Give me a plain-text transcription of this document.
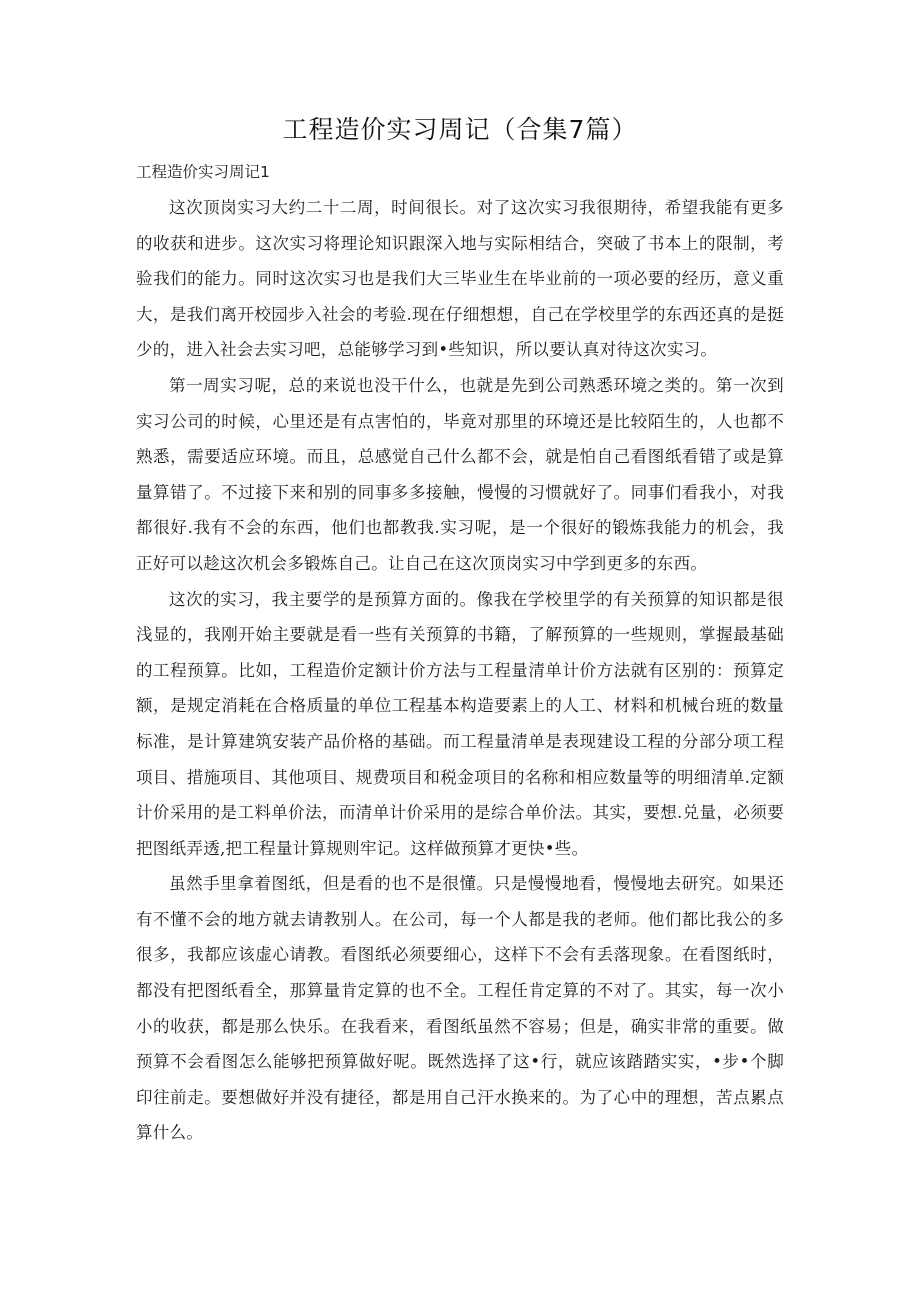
工程造价实习周记（合集7篇）
工程造价实习周记1

这次顶岗实习大约二十二周，时间很长。对了这次实习我很期待，希望我能有更多的收获和进步。这次实习将理论知识跟深入地与实际相结合，突破了书本上的限制，考验我们的能力。同时这次实习也是我们大三毕业生在毕业前的一项必要的经历，意义重大，是我们离开校园步入社会的考验.现在仔细想想，自己在学校里学的东西还真的是挺少的，进入社会去实习吧，总能够学习到•些知识，所以要认真对待这次实习。

第一周实习呢，总的来说也没干什么，也就是先到公司熟悉环境之类的。第一次到实习公司的时候，心里还是有点害怕的，毕竟对那里的环境还是比较陌生的，人也都不熟悉，需要适应环境。而且，总感觉自己什么都不会，就是怕自己看图纸看错了或是算量算错了。不过接下来和别的同事多多接触，慢慢的习惯就好了。同事们看我小，对我都很好.我有不会的东西，他们也都教我.实习呢，是一个很好的锻炼我能力的机会，我正好可以趁这次机会多锻炼自己。让自己在这次顶岗实习中学到更多的东西。

这次的实习，我主要学的是预算方面的。像我在学校里学的有关预算的知识都是很浅显的，我刚开始主要就是看一些有关预算的书籍，了解预算的一些规则，掌握最基础的工程预算。比如，工程造价定额计价方法与工程量清单计价方法就有区别的：预算定额，是规定消耗在合格质量的单位工程基本构造要素上的人工、材料和机械台班的数量标准，是计算建筑安装产品价格的基础。而工程量清单是表现建设工程的分部分项工程项目、措施项目、其他项目、规费项目和税金项目的名称和相应数量等的明细清单.定额计价采用的是工料单价法，而清单计价采用的是综合单价法。其实，要想.兑量，必须要把图纸弄透,把工程量计算规则牢记。这样做预算才更快•些。

虽然手里拿着图纸，但是看的也不是很懂。只是慢慢地看，慢慢地去研究。如果还有不懂不会的地方就去请教别人。在公司，每一个人都是我的老师。他们都比我公的多很多，我都应该虚心请教。看图纸必须要细心，这样下不会有丢落现象。在看图纸时，都没有把图纸看全，那算量肯定算的也不全。工程任肯定算的不对了。其实，每一次小小的收获，都是那么快乐。在我看来，看图纸虽然不容易；但是，确实非常的重要。做预算不会看图怎么能够把预算做好呢。既然选择了这•行，就应该踏踏实实，•步•个脚印往前走。要想做好并没有捷径，都是用自己汗水换来的。为了心中的理想，苦点累点算什么。
